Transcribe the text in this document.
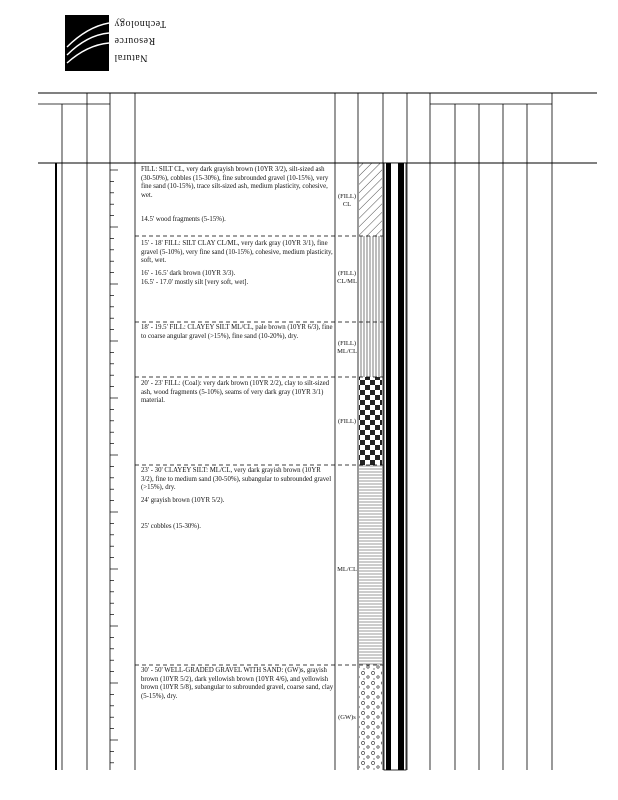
Technology
Resource
Natural

FILL: SILT CL, very dark grayish brown (10YR 3/2), silt-sized ash (30-50%), cobbles (15-30%), fine subrounded gravel (10-15%), very fine sand (10-15%), trace silt-sized ash, medium plasticity, cohesive, wet.

14.5' wood fragments (5-15%).

(FILL) CL

15' - 18' FILL: SILT CLAY CL/ML, very dark gray (10YR 3/1), fine gravel (5-10%), very fine sand (10-15%), cohesive, medium plasticity, soft, wet.

16' - 16.5' dark brown (10YR 3/3).

16.5' - 17.0' mostly silt [very soft, wet].

(FILL) CL/ML

18' - 19.5' FILL: CLAYEY SILT ML/CL, pale brown (10YR 6/3), fine to coarse angular gravel (>15%), fine sand (10-20%), dry.

(FILL) ML/CL

20' - 23' FILL: (Coal): very dark brown (10YR 2/2), clay to silt-sized ash, wood fragments (5-10%), seams of very dark gray (10YR 3/1) material.

(FILL)

23' - 30' CLAYEY SILT: ML/CL, very dark grayish brown (10YR 3/2), fine to medium sand (30-50%), subangular to subrounded gravel (>15%), dry.

24' grayish brown (10YR 5/2).

25' cobbles (15-30%).

ML/CL

30' - 50' WELL-GRADED GRAVEL WITH SAND: (GW)s, grayish brown (10YR 5/2), dark yellowish brown (10YR 4/6), and yellowish brown (10YR 5/8), subangular to subrounded gravel, coarse sand, clay (5-15%), dry.

(GW)s
